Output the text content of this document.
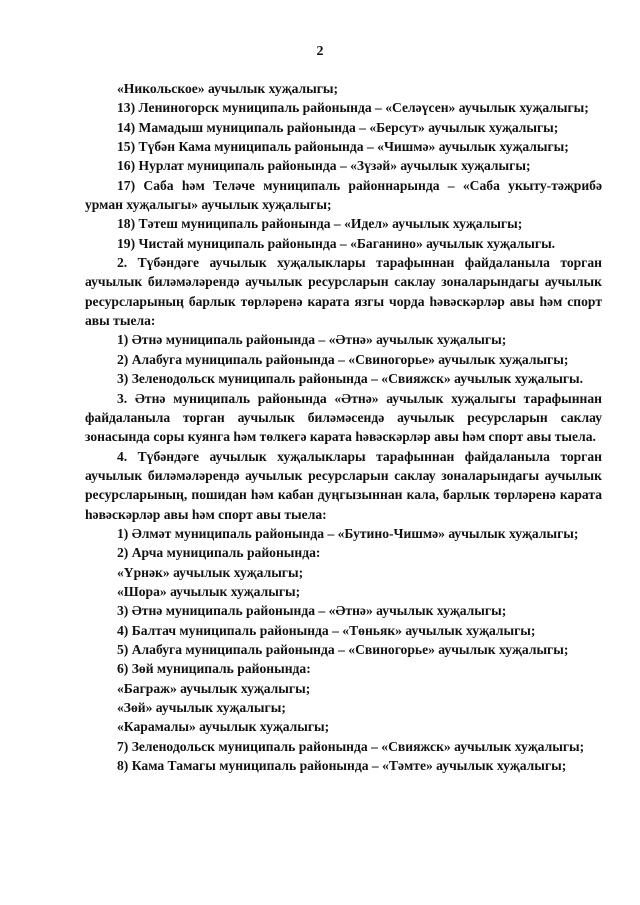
2

«Никольское» аучылык хуҗалыгы;

13) Лениногорск муниципаль районында – «Селәүсен» аучылык хуҗалыгы;

14) Мамадыш муниципаль районында – «Берсут» аучылык хуҗалыгы;

15) Түбән Кама муниципаль районында – «Чишмә» аучылык хуҗалыгы;

16) Нурлат муниципаль районында – «Зүзәй» аучылык хуҗалыгы;

17) Саба һәм Теләче муниципаль районнарында – «Саба укыту-тәҗрибә урман хуҗалыгы» аучылык хуҗалыгы;

18) Тәтеш муниципаль районында – «Идел» аучылык хуҗалыгы;

19) Чистай муниципаль районында – «Баганино» аучылык хуҗалыгы.

2. Түбәндәге аучылык хуҗалыклары тарафыннан файдаланыла торган аучылык биләмәләрендә аучылык ресурсларын саклау зоналарындагы аучылык ресурсларының барлык төрләренә карата язгы чорда һәвәскәрләр авы һәм спорт авы тыела:

1) Әтнә муниципаль районында – «Әтнә» аучылык хуҗалыгы;

2) Алабуга муниципаль районында – «Свиногорье» аучылык хуҗалыгы;

3) Зеленодольск муниципаль районында – «Свияжск» аучылык хуҗалыгы.

3. Әтнә муниципаль районында «Әтнә» аучылык хуҗалыгы тарафыннан файдаланыла торган аучылык биләмәсендә аучылык ресурсларын саклау зонасында соры куянга һәм төлкегә карата һәвәскәрләр авы һәм спорт авы тыела.

4. Түбәндәге аучылык хуҗалыклары тарафыннан файдаланыла торган аучылык биләмәләрендә аучылык ресурсларын саклау зоналарындагы аучылык ресурсларының, пошидан һәм кабан дуңгызыннан кала, барлык төрләренә карата һәвәскәрләр авы һәм спорт авы тыела:

1) Әлмәт муниципаль районында – «Бутино-Чишмә» аучылык хуҗалыгы;

2) Арча муниципаль районында:

«Үрнәк» аучылык хуҗалыгы;

«Шора» аучылык хуҗалыгы;

3) Әтнә муниципаль районында – «Әтнә» аучылык хуҗалыгы;

4) Балтач муниципаль районында – «Төньяк» аучылык хуҗалыгы;

5) Алабуга муниципаль районында – «Свиногорье» аучылык хуҗалыгы;

6) Зөй муниципаль районында:

«Баграж» аучылык хуҗалыгы;

«Зөй» аучылык хуҗалыгы;

«Карамалы» аучылык хуҗалыгы;

7) Зеленодольск муниципаль районында – «Свияжск» аучылык хуҗалыгы;

8) Кама Тамагы муниципаль районында – «Тәмте» аучылык хуҗалыгы;
